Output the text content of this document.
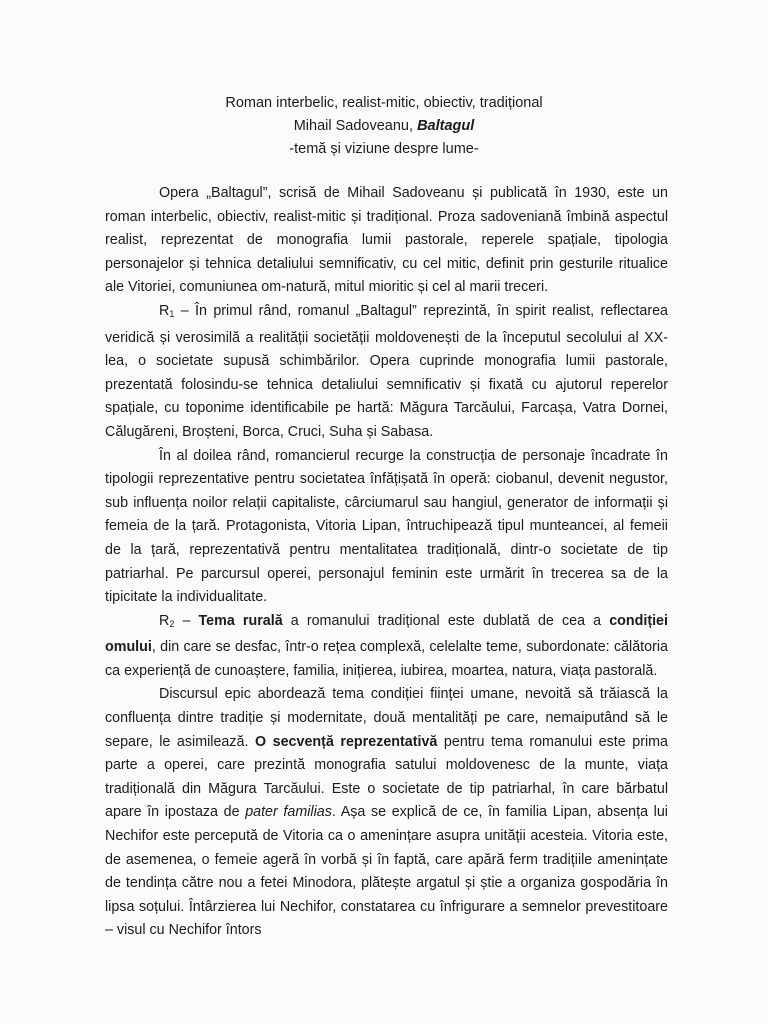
Roman interbelic, realist-mitic, obiectiv, tradițional
Mihail Sadoveanu, Baltagul
-temă și viziune despre lume-

Opera „Baltagul”, scrisă de Mihail Sadoveanu și publicată în 1930, este un roman interbelic, obiectiv, realist-mitic și tradițional. Proza sadoveniană îmbină aspectul realist, reprezentat de monografia lumii pastorale, reperele spațiale, tipologia personajelor și tehnica detaliului semnificativ, cu cel mitic, definit prin gesturile ritualice ale Vitoriei, comuniunea om-natură, mitul mioritic și cel al marii treceri.

$R_1$ – În primul rând, romanul „Baltagul” reprezintă, în spirit realist, reflectarea veridică și verosimilă a realității societății moldovenești de la începutul secolului al XX-lea, o societate supusă schimbărilor. Opera cuprinde monografia lumii pastorale, prezentată folosindu-se tehnica detaliului semnificativ și fixată cu ajutorul reperelor spațiale, cu toponime identificabile pe hartă: Măgura Tarcăului, Farcașa, Vatra Dornei, Călugăreni, Broșteni, Borca, Cruci, Suha și Sabasa.

În al doilea rând, romancierul recurge la construcția de personaje încadrate în tipologii reprezentative pentru societatea înfățișată în operă: ciobanul, devenit negustor, sub influența noilor relații capitaliste, cârciumarul sau hangiul, generator de informații și femeia de la țară. Protagonista, Vitoria Lipan, întruchipează tipul munteancei, al femeii de la țară, reprezentativă pentru mentalitatea tradițională, dintr-o societate de tip patriarhal. Pe parcursul operei, personajul feminin este urmărit în trecerea sa de la tipicitate la individualitate.

$R_2$ – Tema rurală a romanului tradițional este dublată de cea a condiției omului, din care se desfac, într-o rețea complexă, celelalte teme, subordonate: călătoria ca experiență de cunoaștere, familia, inițierea, iubirea, moartea, natura, viața pastorală.

Discursul epic abordează tema condiției ființei umane, nevoită să trăiască la confluența dintre tradiție și modernitate, două mentalități pe care, nemaiputând să le separe, le asimilează. O secvență reprezentativă pentru tema romanului este prima parte a operei, care prezintă monografia satului moldovenesc de la munte, viața tradițională din Măgura Tarcăului. Este o societate de tip patriarhal, în care bărbatul apare în ipostaza de pater familias. Așa se explică de ce, în familia Lipan, absența lui Nechifor este percepută de Vitoria ca o amenințare asupra unității acesteia. Vitoria este, de asemenea, o femeie ageră în vorbă și în faptă, care apără ferm tradițiile amenințate de tendința către nou a fetei Minodora, plătește argatul și știe a organiza gospodăria în lipsa soțului. Întârzierea lui Nechifor, constatarea cu înfrigurare a semnelor prevestitoare – visul cu Nechifor întors
